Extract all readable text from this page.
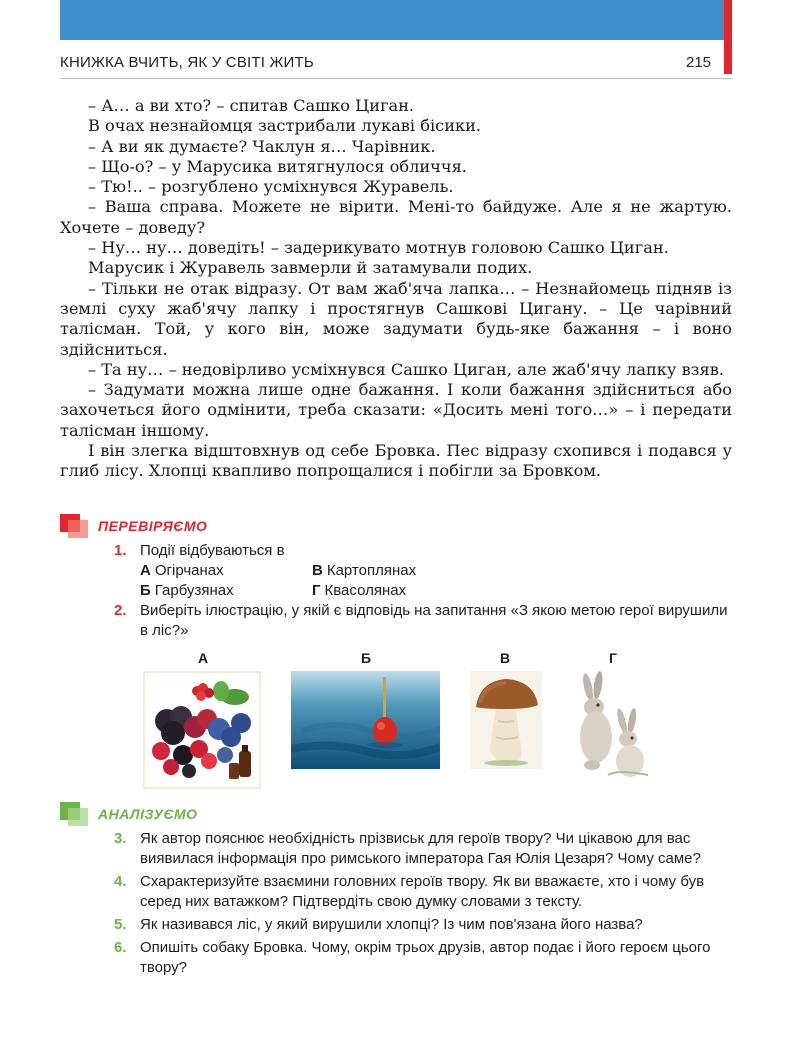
КНИЖКА ВЧИТЬ, ЯК У СВІТІ ЖИТЬ	215

– А… а ви хто? – спитав Сашко Циган.

В очах незнайомця застрибали лукаві бісики.

– А ви як думаєте? Чаклун я… Чарівник.

– Що-о? – у Марусика витягнулося обличчя.

– Тю!.. – розгублено усміхнувся Журавель.

– Ваша справа. Можете не вірити. Мені-то байдуже. Але я не жартую. Хочете – доведу?

– Ну… ну… доведіть! – задерикувато мотнув головою Сашко Циган.

Марусик і Журавель завмерли й затамували подих.

– Тільки не отак відразу. От вам жаб'яча лапка… – Незнайомець підняв із землі суху жаб'ячу лапку і простягнув Сашкові Цигану. – Це чарівний талісман. Той, у кого він, може задумати будь-яке бажання – і воно здійсниться.

– Та ну… – недовірливо усміхнувся Сашко Циган, але жаб'ячу лапку взяв.

– Задумати можна лише одне бажання. І коли бажання здійсниться або захочеться його одмінити, треба сказати: «Досить мені того…» – і передати талісман іншому.

І він злегка відштовхнув од себе Бровка. Пес відразу схопився і подався у глиб лісу. Хлопці квапливо попрощалися і побігли за Бровком.

ПЕРЕВІРЯЄМО
1. Події відбуваються в
А Огірчанах	В Картоплянах
Б Гарбузянах	Г Квасолянах
2. Виберіть ілюстрацію, у якій є відповідь на запитання «З якою метою герої вирушили в ліс?»
А	Б	В	Г
АНАЛІЗУЄМО
3. Як автор пояснює необхідність прізвиськ для героїв твору? Чи цікавою для вас виявилася інформація про римського імператора Гая Юлія Цезаря? Чому саме?
4. Схарактеризуйте взаємини головних героїв твору. Як ви вважаєте, хто і чому був серед них ватажком? Підтвердіть свою думку словами з тексту.
5. Як називався ліс, у який вирушили хлопці? Із чим пов'язана його назва?
6. Опишіть собаку Бровка. Чому, окрім трьох друзів, автор подає і його героєм цього твору?
